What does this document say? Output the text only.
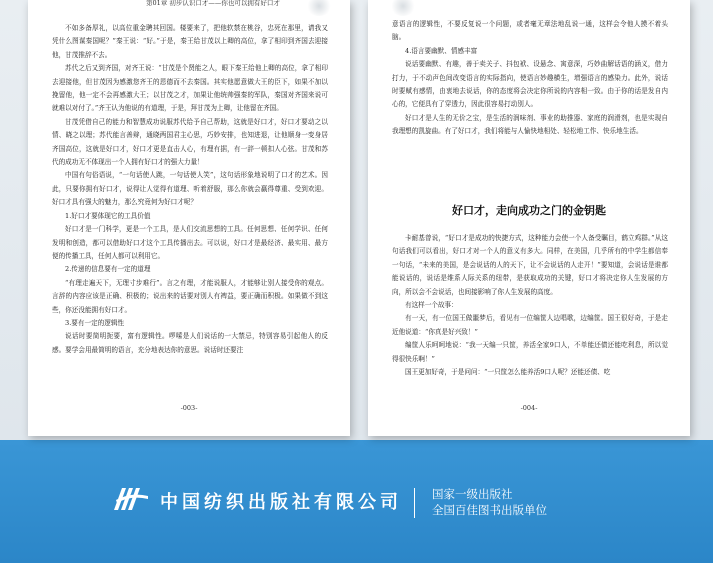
第01章 初步认识口才——你也可以拥有好口才

不如多备厚礼，以高位重金聘其回国。楼要来了，把他软禁在桃谷，忠死在那里，请我又凭什么图谋秦国呢？”秦王说：“好。”于是，秦王给甘茂以上卿的高位，拿了相印到齐国去迎接他，甘茂推辞不去。

苏代之后又到齐国，对齐王说：“甘茂是个贤能之人，眼下秦王给他上卿的高位，拿了相印去迎接他，但甘茂因为感激您齐王的恩德而不去秦国。其实他愿意做大王的臣下，如果不加以挽留他，他一定不会再感激大王；以甘茂之才，加果让他统帅强秦的军队，秦国对齐国来说可就难以对付了。”齐王认为他说的有道理，于是，拜甘茂为上卿，让他留在齐国。

甘茂凭借自己的能力和智慧成功说服苏代给予自己帮助，这就是好口才，好口才要动之以情、晓之以理；苏代能言善辩，通晓两国君主心思，巧妙安排，也知进退，让他顺身一变身居齐国高位，这就是好口才，好口才更是直击人心，有理有据，有一辞一顿扣人心弦。甘茂和苏代的成功无不体现出一个人拥有好口才的强大力量！

中国有句俗语说，“一句话使人跳，一句话使人笑”，这句话形象地说明了口才的艺术。因此，只要你拥有好口才，说得让人觉得有道理、听着舒服，那么你就会赢得尊重、受到欢迎。好口才具有强大的魅力，那么究竟何为好口才呢？

1.好口才要体现它的工具价值

好口才是一门科学，更是一个工具，是人们交流思想的工具。任何思想、任何学识、任何发明和创造，都可以借助好口才这个工具传播出去。可以说，好口才是最经济、最实用、最方便的传播工具，任何人都可以利用它。

2.传递的信息要有一定的道理

“有理走遍天下，无理寸步难行”。言之有理，才能说服人，才能够让别人接受你的观点。言辞的内容应该是正确、积极的；说出来的话要对别人有裨益，要正确而积极。如果做不到这些，你还没能拥有好口才。

3.要有一定的逻辑性

说话时要简明扼要，富有逻辑性。啰嗦是人们说话的一大禁忌，特别容易引起他人的反感。要学会用最简明的语言，充分地表达你的意思。说话时还要注

-003-

意语言的逻辑性，不要反复说一个问题，或者毫无章法地乱说一通，这样会令他人摸不着头脑。

4.语言要幽默、情感丰富

说话要幽默、有趣，善于卖关子、抖包袱、设悬念、寓意深，巧妙曲解话语的涵义，借力打力，于不动声色间改变语言的实际指向，使语言妙趣横生，增强语言的感染力。此外，说话时要赋有感情，由衷地去说话，你的态度将会决定你所说的内容相一致。由于你的话是发自内心的，它便具有了穿透力，因此很容易打动别人。

好口才是人生的无价之宝，是生活的润味剂、事业的助推器、家庭的润滑剂，也是实现自我理想的凯旋曲。有了好口才，我们将能与人愉快地相处、轻松地工作、快乐地生活。

好口才，走向成功之门的金钥匙

卡耐基曾说，“好口才是成功的快捷方式，这种能力会使一个人备受瞩目，鹤立鸡群。”从这句话我们可以看出，好口才对一个人的意义有多大。同样，在美国，几乎所有的中学生都信奉一句话，“未来的美国，是会说话的人的天下，让不会说话的人走开！”要知道，会说话是谁都能说话的，说话是维系人际关系的纽带，是获取成功的关键，好口才将决定你人生发展的方向，所以会不会说话，也间接影响了你人生发展的高度。

有这样一个故事：

有一天，有一位国王做噩梦后，看见有一位编筐人边唱歌，边编筐。国王很好奇，于是走近他说道：“你真是好兴致！”

编筐人乐呵呵地说：“我一天编一只筐，养活全家9口人，不单能还债还能吃利息，所以觉得很快乐啊！”

国王更加好奇，于是问问：“一只筐怎么能养活9口人呢？还能还债、吃

-004-
中国纺织出版社有限公司	国家一级出版社
全国百佳图书出版单位
